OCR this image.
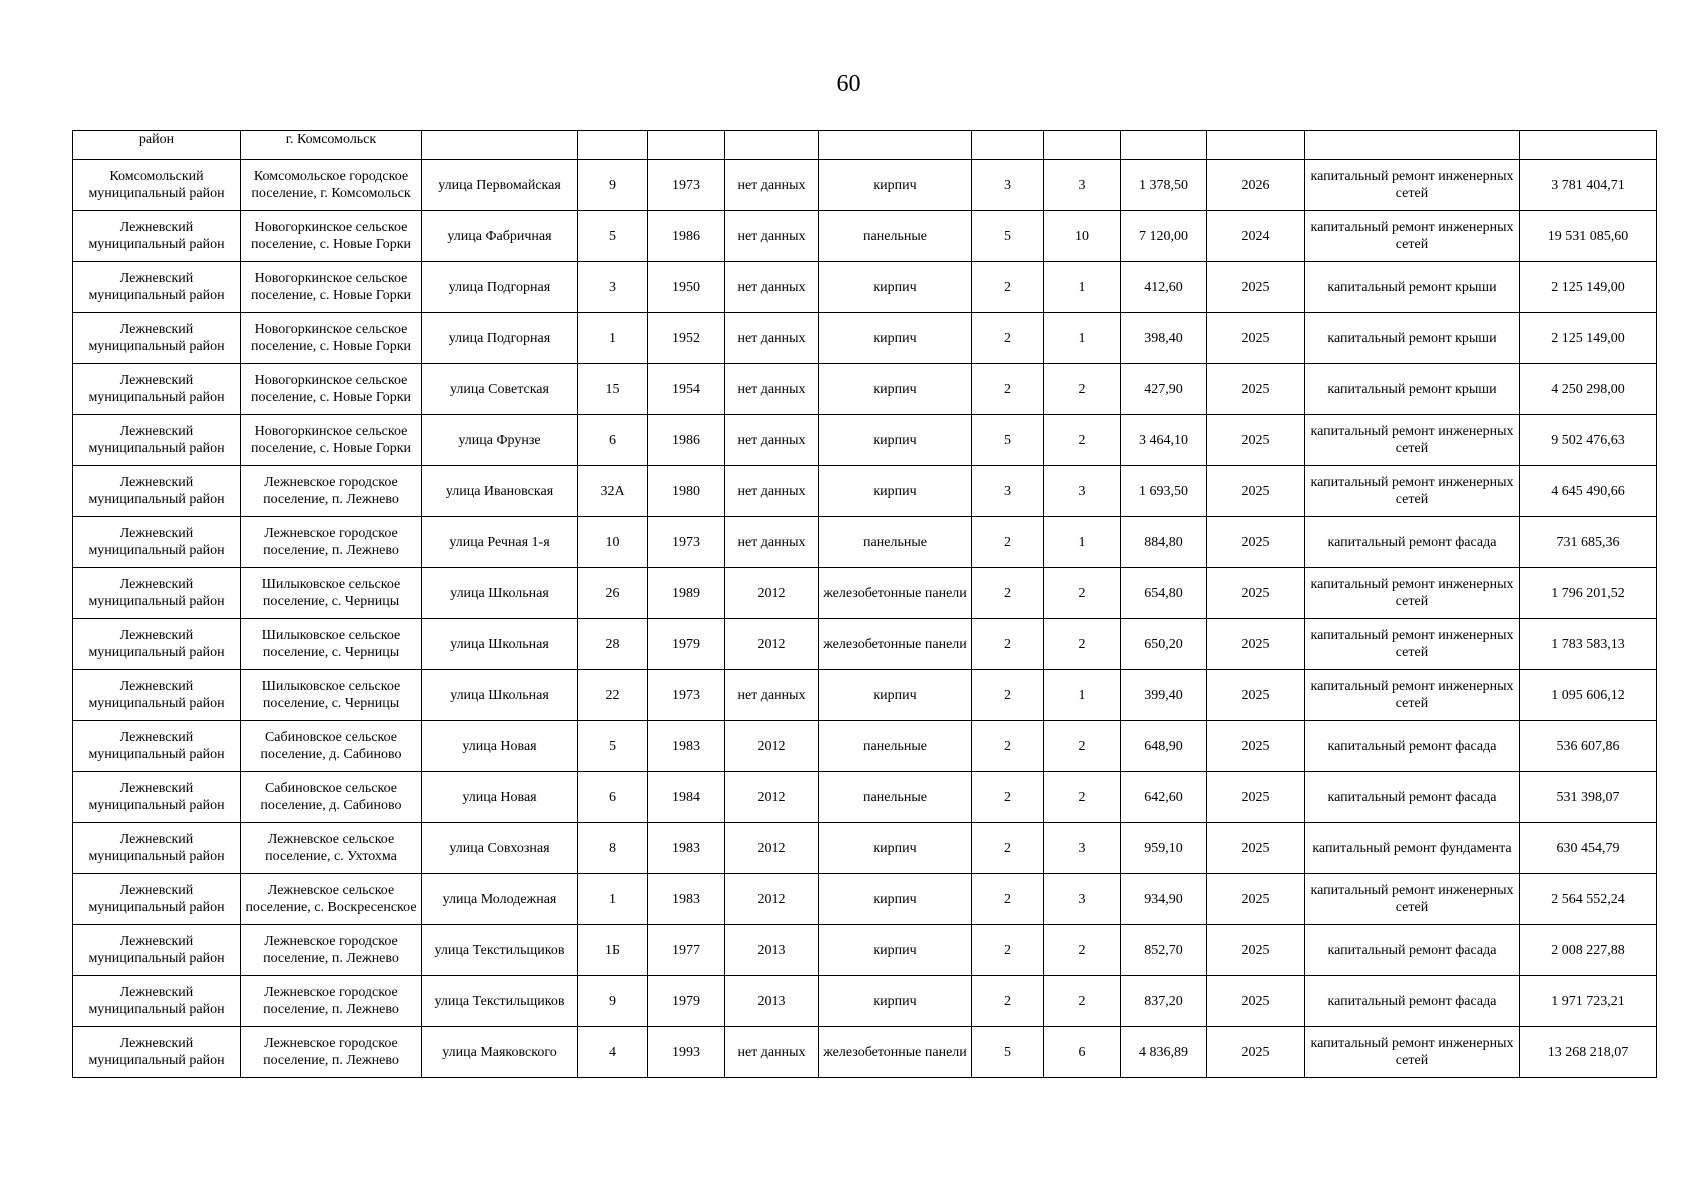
60
район	г. Комсомольск											
Комсомольский муниципальный район	Комсомольское городское поселение, г. Комсомольск	улица Первомайская	9	1973	нет данных	кирпич	3	3	1 378,50	2026	капитальный ремонт инженерных сетей	3 781 404,71
Лежневский муниципальный район	Новогоркинское сельское поселение, с. Новые Горки	улица Фабричная	5	1986	нет данных	панельные	5	10	7 120,00	2024	капитальный ремонт инженерных сетей	19 531 085,60
Лежневский муниципальный район	Новогоркинское сельское поселение, с. Новые Горки	улица Подгорная	3	1950	нет данных	кирпич	2	1	412,60	2025	капитальный ремонт крыши	2 125 149,00
Лежневский муниципальный район	Новогоркинское сельское поселение, с. Новые Горки	улица Подгорная	1	1952	нет данных	кирпич	2	1	398,40	2025	капитальный ремонт крыши	2 125 149,00
Лежневский муниципальный район	Новогоркинское сельское поселение, с. Новые Горки	улица Советская	15	1954	нет данных	кирпич	2	2	427,90	2025	капитальный ремонт крыши	4 250 298,00
Лежневский муниципальный район	Новогоркинское сельское поселение, с. Новые Горки	улица Фрунзе	6	1986	нет данных	кирпич	5	2	3 464,10	2025	капитальный ремонт инженерных сетей	9 502 476,63
Лежневский муниципальный район	Лежневское городское поселение, п. Лежнево	улица Ивановская	32А	1980	нет данных	кирпич	3	3	1 693,50	2025	капитальный ремонт инженерных сетей	4 645 490,66
Лежневский муниципальный район	Лежневское городское поселение, п. Лежнево	улица Речная 1-я	10	1973	нет данных	панельные	2	1	884,80	2025	капитальный ремонт фасада	731 685,36
Лежневский муниципальный район	Шилыковское сельское поселение, с. Черницы	улица Школьная	26	1989	2012	железобетонные панели	2	2	654,80	2025	капитальный ремонт инженерных сетей	1 796 201,52
Лежневский муниципальный район	Шилыковское сельское поселение, с. Черницы	улица Школьная	28	1979	2012	железобетонные панели	2	2	650,20	2025	капитальный ремонт инженерных сетей	1 783 583,13
Лежневский муниципальный район	Шилыковское сельское поселение, с. Черницы	улица Школьная	22	1973	нет данных	кирпич	2	1	399,40	2025	капитальный ремонт инженерных сетей	1 095 606,12
Лежневский муниципальный район	Сабиновское сельское поселение, д. Сабиново	улица Новая	5	1983	2012	панельные	2	2	648,90	2025	капитальный ремонт фасада	536 607,86
Лежневский муниципальный район	Сабиновское сельское поселение, д. Сабиново	улица Новая	6	1984	2012	панельные	2	2	642,60	2025	капитальный ремонт фасада	531 398,07
Лежневский муниципальный район	Лежневское сельское поселение, с. Ухтохма	улица Совхозная	8	1983	2012	кирпич	2	3	959,10	2025	капитальный ремонт фундамента	630 454,79
Лежневский муниципальный район	Лежневское сельское поселение, с. Воскресенское	улица Молодежная	1	1983	2012	кирпич	2	3	934,90	2025	капитальный ремонт инженерных сетей	2 564 552,24
Лежневский муниципальный район	Лежневское городское поселение, п. Лежнево	улица Текстильщиков	1Б	1977	2013	кирпич	2	2	852,70	2025	капитальный ремонт фасада	2 008 227,88
Лежневский муниципальный район	Лежневское городское поселение, п. Лежнево	улица Текстильщиков	9	1979	2013	кирпич	2	2	837,20	2025	капитальный ремонт фасада	1 971 723,21
Лежневский муниципальный район	Лежневское городское поселение, п. Лежнево	улица Маяковского	4	1993	нет данных	железобетонные панели	5	6	4 836,89	2025	капитальный ремонт инженерных сетей	13 268 218,07
